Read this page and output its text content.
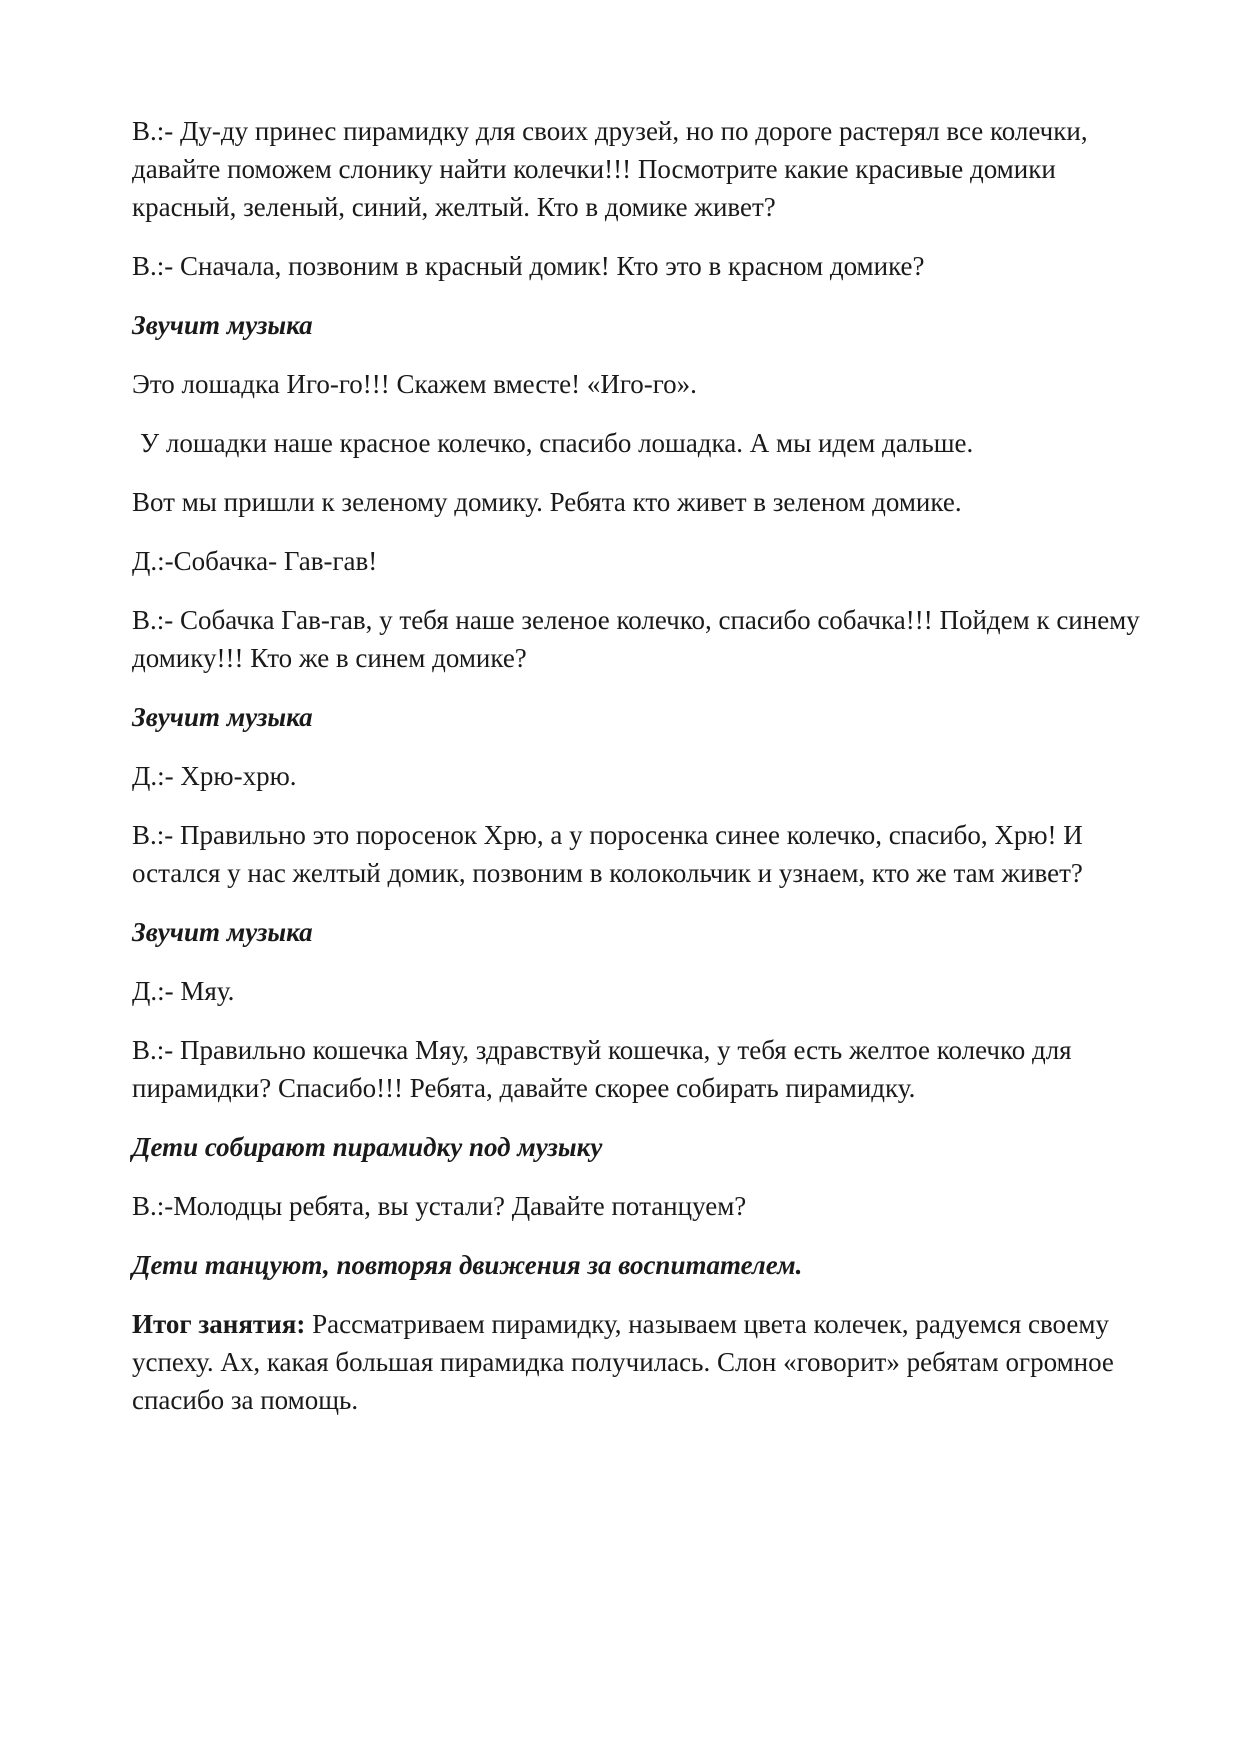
В.:- Ду-ду принес пирамидку для своих друзей, но по дороге растерял все колечки, давайте поможем слонику найти колечки!!! Посмотрите какие красивые домики красный, зеленый, синий, желтый. Кто в домике живет?

В.:- Сначала, позвоним в красный домик! Кто это в красном домике?

Звучит музыка

Это лошадка Иго-го!!! Скажем вместе! «Иго-го».

У лошадки наше красное колечко, спасибо лошадка. А мы идем дальше.

Вот мы пришли к зеленому домику. Ребята кто живет в зеленом домике.

Д.:-Собачка- Гав-гав!

В.:- Собачка Гав-гав, у тебя наше зеленое колечко, спасибо собачка!!! Пойдем к синему домику!!! Кто же в синем домике?

Звучит музыка

Д.:- Хрю-хрю.

В.:- Правильно это поросенок Хрю, а у поросенка синее колечко, спасибо, Хрю! И остался у нас желтый домик, позвоним в колокольчик и узнаем, кто же там живет?

Звучит музыка

Д.:- Мяу.

В.:- Правильно кошечка Мяу, здравствуй кошечка, у тебя есть желтое колечко для пирамидки? Спасибо!!! Ребята, давайте скорее собирать пирамидку.

Дети собирают пирамидку под музыку

В.:-Молодцы ребята, вы устали? Давайте потанцуем?

Дети танцуют, повторяя движения за воспитателем.

Итог занятия: Рассматриваем пирамидку, называем цвета колечек, радуемся своему успеху. Ах, какая большая пирамидка получилась. Слон «говорит» ребятам огромное спасибо за помощь.
